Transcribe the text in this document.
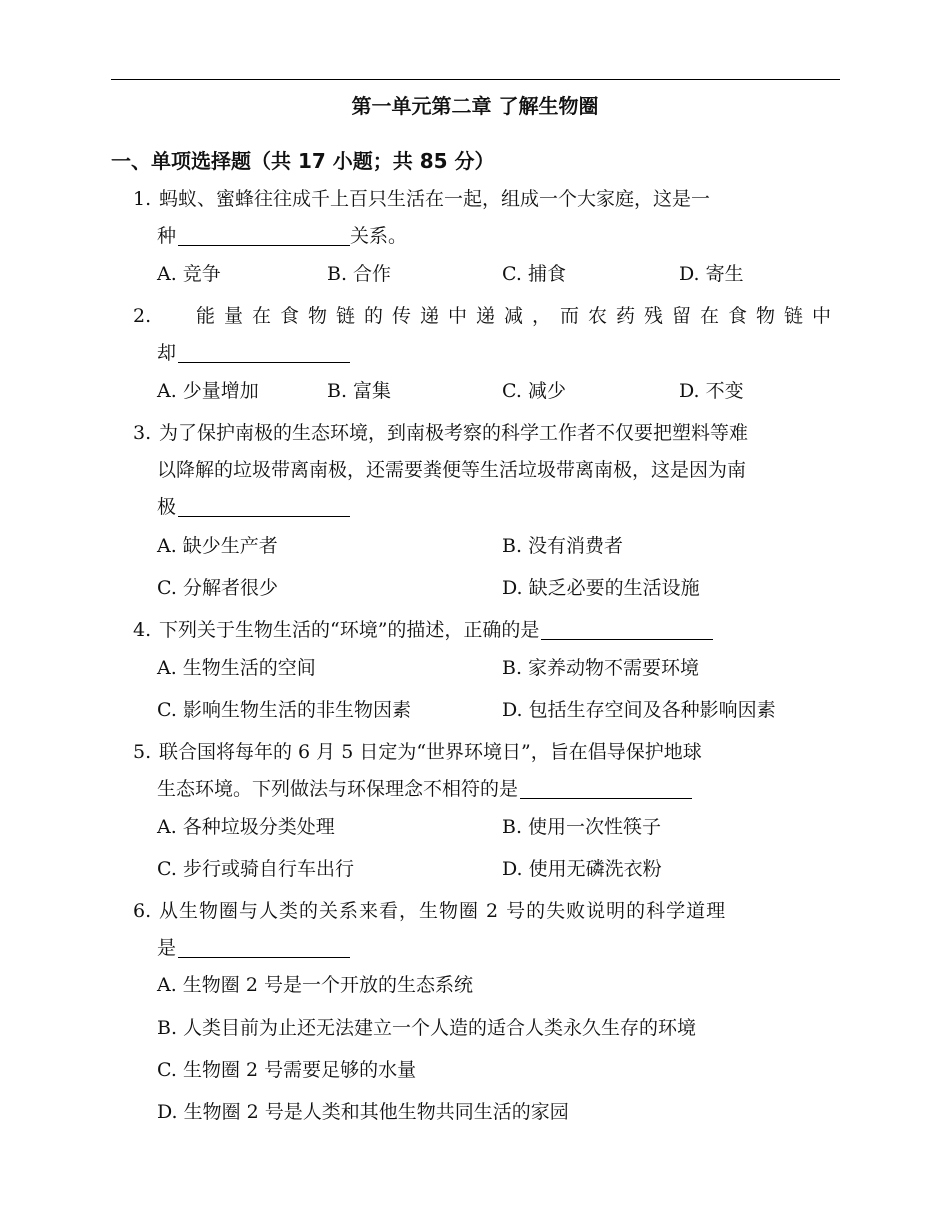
第一单元第二章 了解生物圈
一、单项选择题（共 17 小题；共 85 分）
1. 蚂蚁、蜜蜂往往成千上百只生活在一起，组成一个大家庭，这是一
种	关系。
A. 竞争	B. 合作	C. 捕食	D. 寄生
2.	能量在食物链的传递中递减，而农药残留在食物链中
却
A. 少量增加	B. 富集	C. 减少	D. 不变
3. 为了保护南极的生态环境，到南极考察的科学工作者不仅要把塑料等难
以降解的垃圾带离南极，还需要粪便等生活垃圾带离南极，这是因为南
极
A. 缺少生产者	B. 没有消费者
C. 分解者很少	D. 缺乏必要的生活设施
4. 下列关于生物生活的“环境”的描述，正确的是
A. 生物生活的空间	B. 家养动物不需要环境
C. 影响生物生活的非生物因素	D. 包括生存空间及各种影响因素
5. 联合国将每年的 6 月 5 日定为“世界环境日”，旨在倡导保护地球
生态环境。下列做法与环保理念不相符的是
A. 各种垃圾分类处理	B. 使用一次性筷子
C. 步行或骑自行车出行	D. 使用无磷洗衣粉
6. 从生物圈与人类的关系来看，生物圈 2 号的失败说明的科学道理
是
A. 生物圈 2 号是一个开放的生态系统
B. 人类目前为止还无法建立一个人造的适合人类永久生存的环境
C. 生物圈 2 号需要足够的水量
D. 生物圈 2 号是人类和其他生物共同生活的家园
